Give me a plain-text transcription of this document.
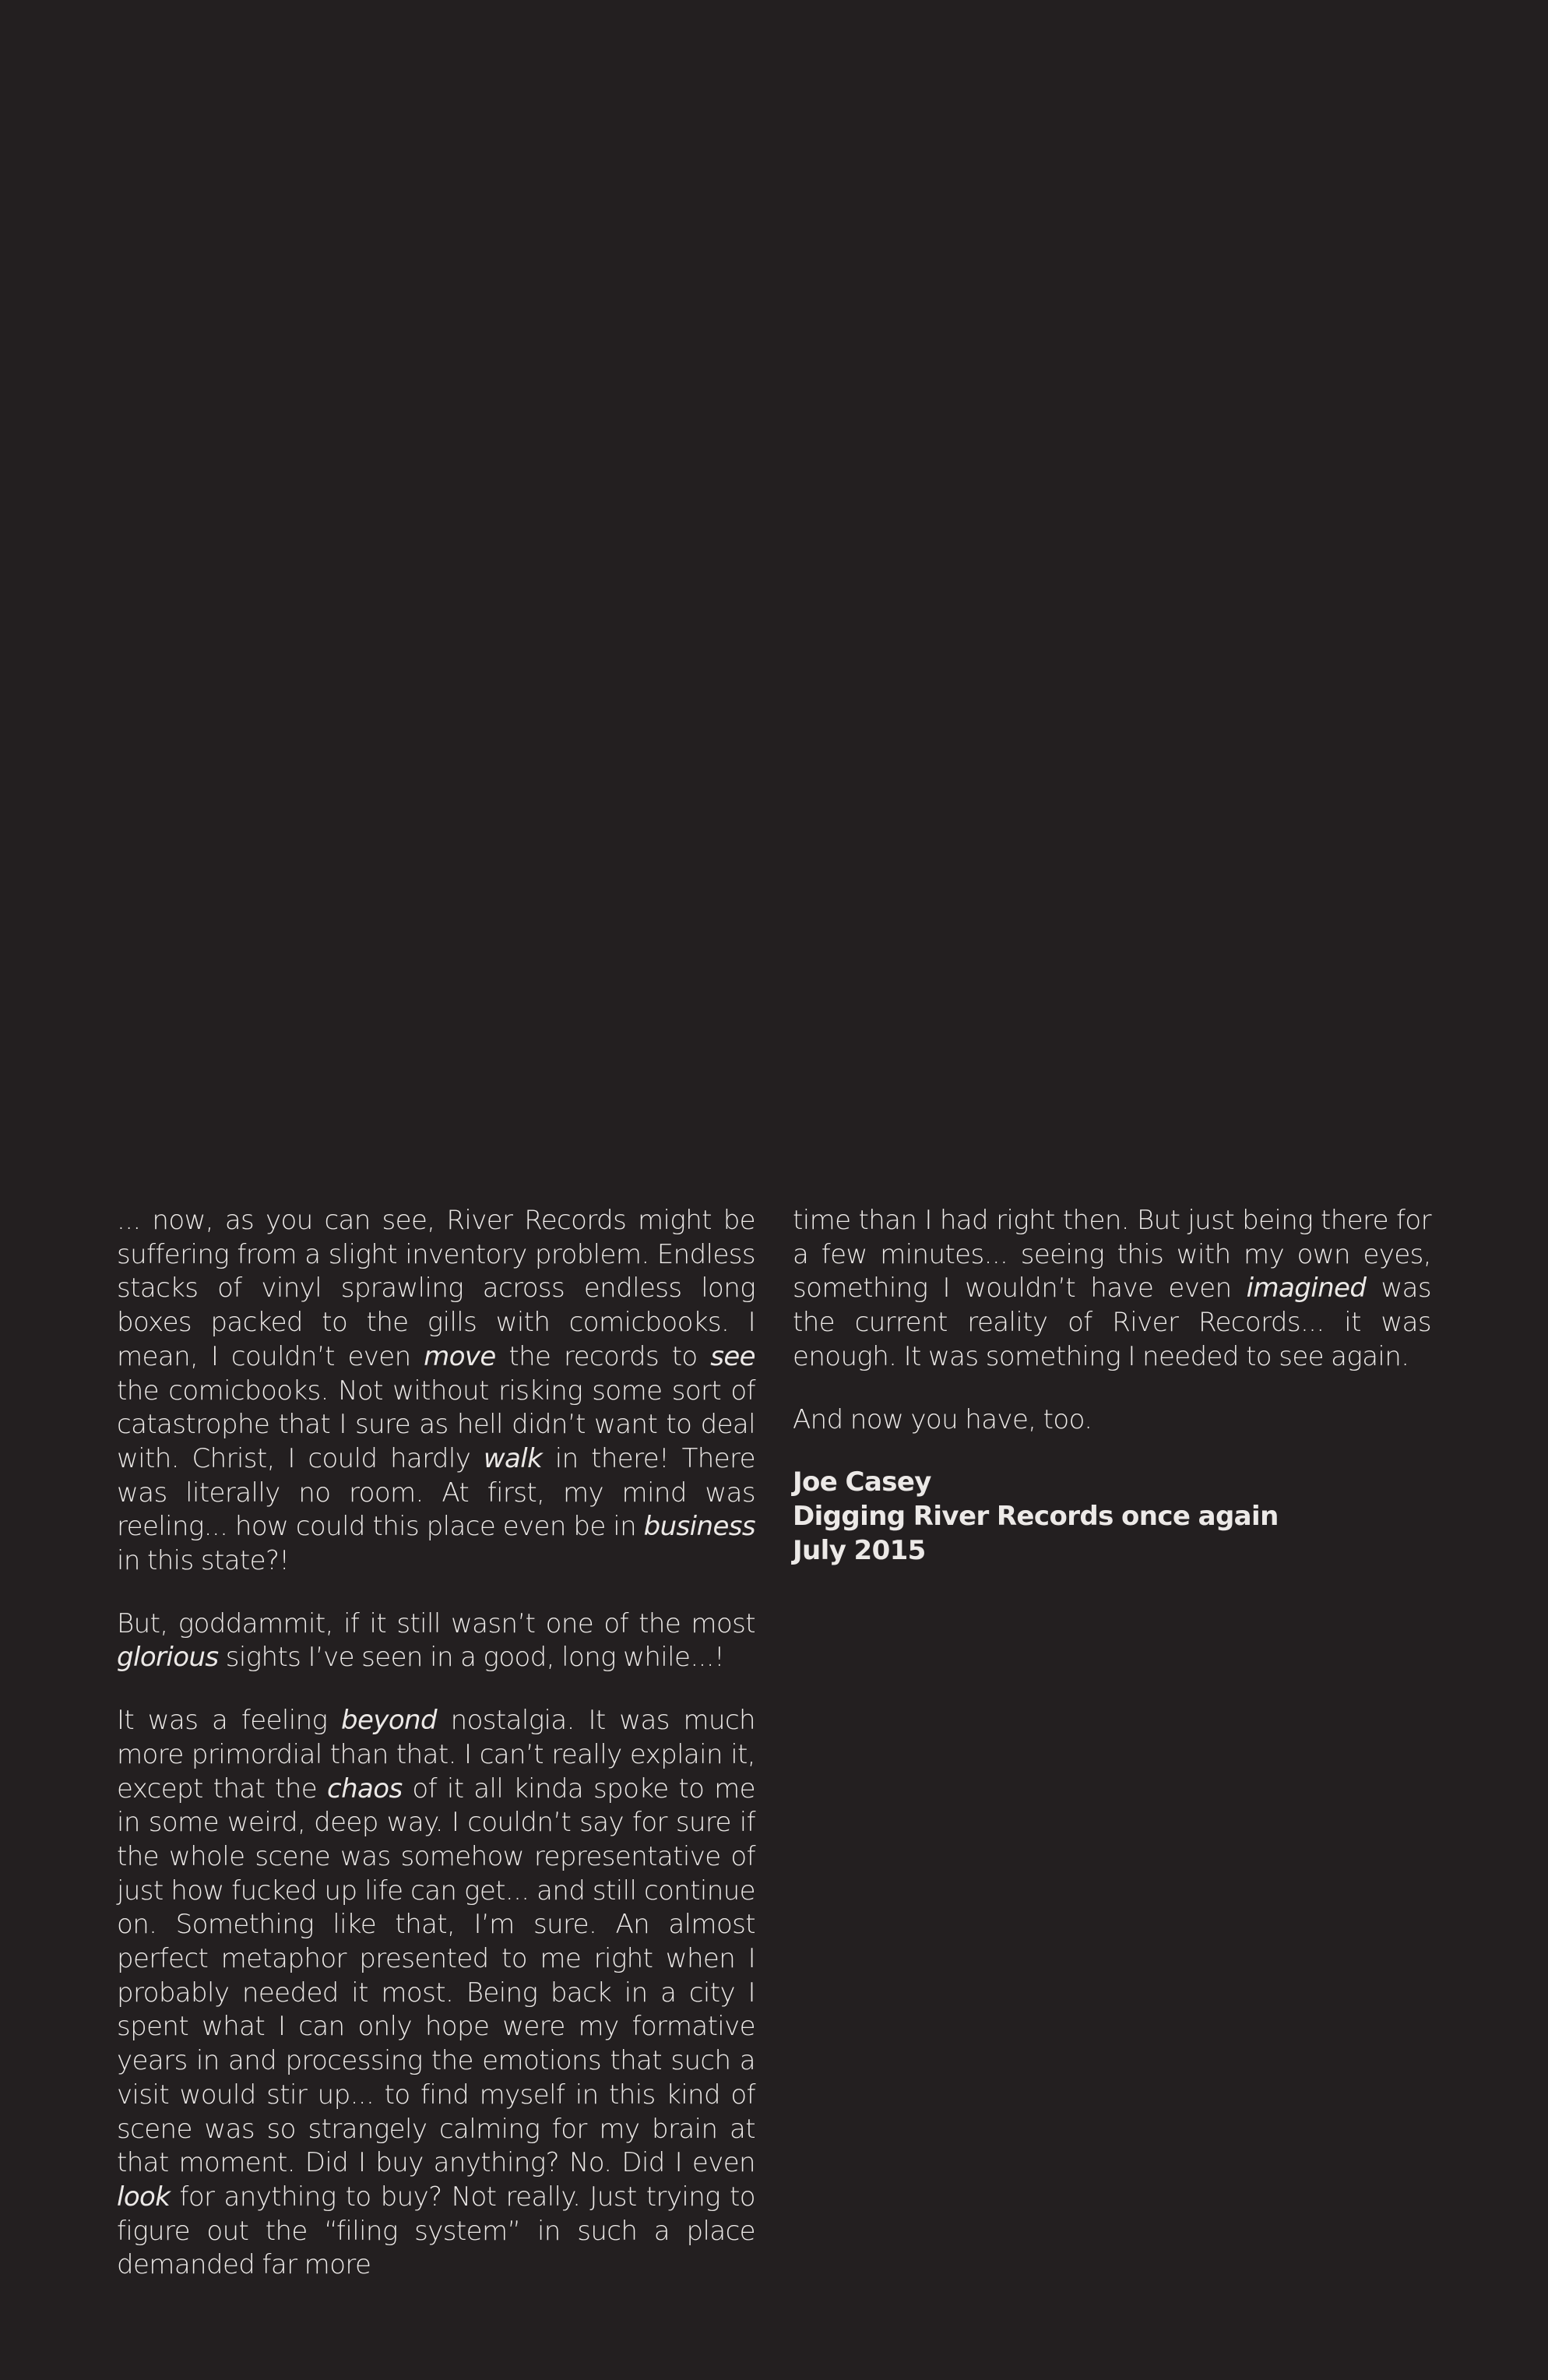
... now, as you can see, River Records might be suffering from a slight inventory problem. Endless stacks of vinyl sprawling across endless long boxes packed to the gills with comicbooks. I mean, I couldn’t even move the records to see the comicbooks. Not without risking some sort of catastrophe that I sure as hell didn’t want to deal with. Christ, I could hardly walk in there! There was literally no room. At first, my mind was reeling... how could this place even be in business in this state?!

But, goddammit, if it still wasn’t one of the most glorious sights I’ve seen in a good, long while...!

It was a feeling beyond nostalgia. It was much more primordial than that. I can’t really explain it, except that the chaos of it all kinda spoke to me in some weird, deep way. I couldn’t say for sure if the whole scene was somehow representative of just how fucked up life can get... and still continue on. Something like that, I’m sure. An almost perfect metaphor presented to me right when I probably needed it most. Being back in a city I spent what I can only hope were my formative years in and processing the emotions that such a visit would stir up... to find myself in this kind of scene was so strangely calming for my brain at that moment. Did I buy anything? No. Did I even look for anything to buy? Not really. Just trying to figure out the “filing system” in such a place demanded far more

time than I had right then. But just being there for a few minutes... seeing this with my own eyes, something I wouldn’t have even imagined was the current reality of River Records... it was enough. It was something I needed to see again.

And now you have, too.

Joe Casey
Digging River Records once again
July 2015
